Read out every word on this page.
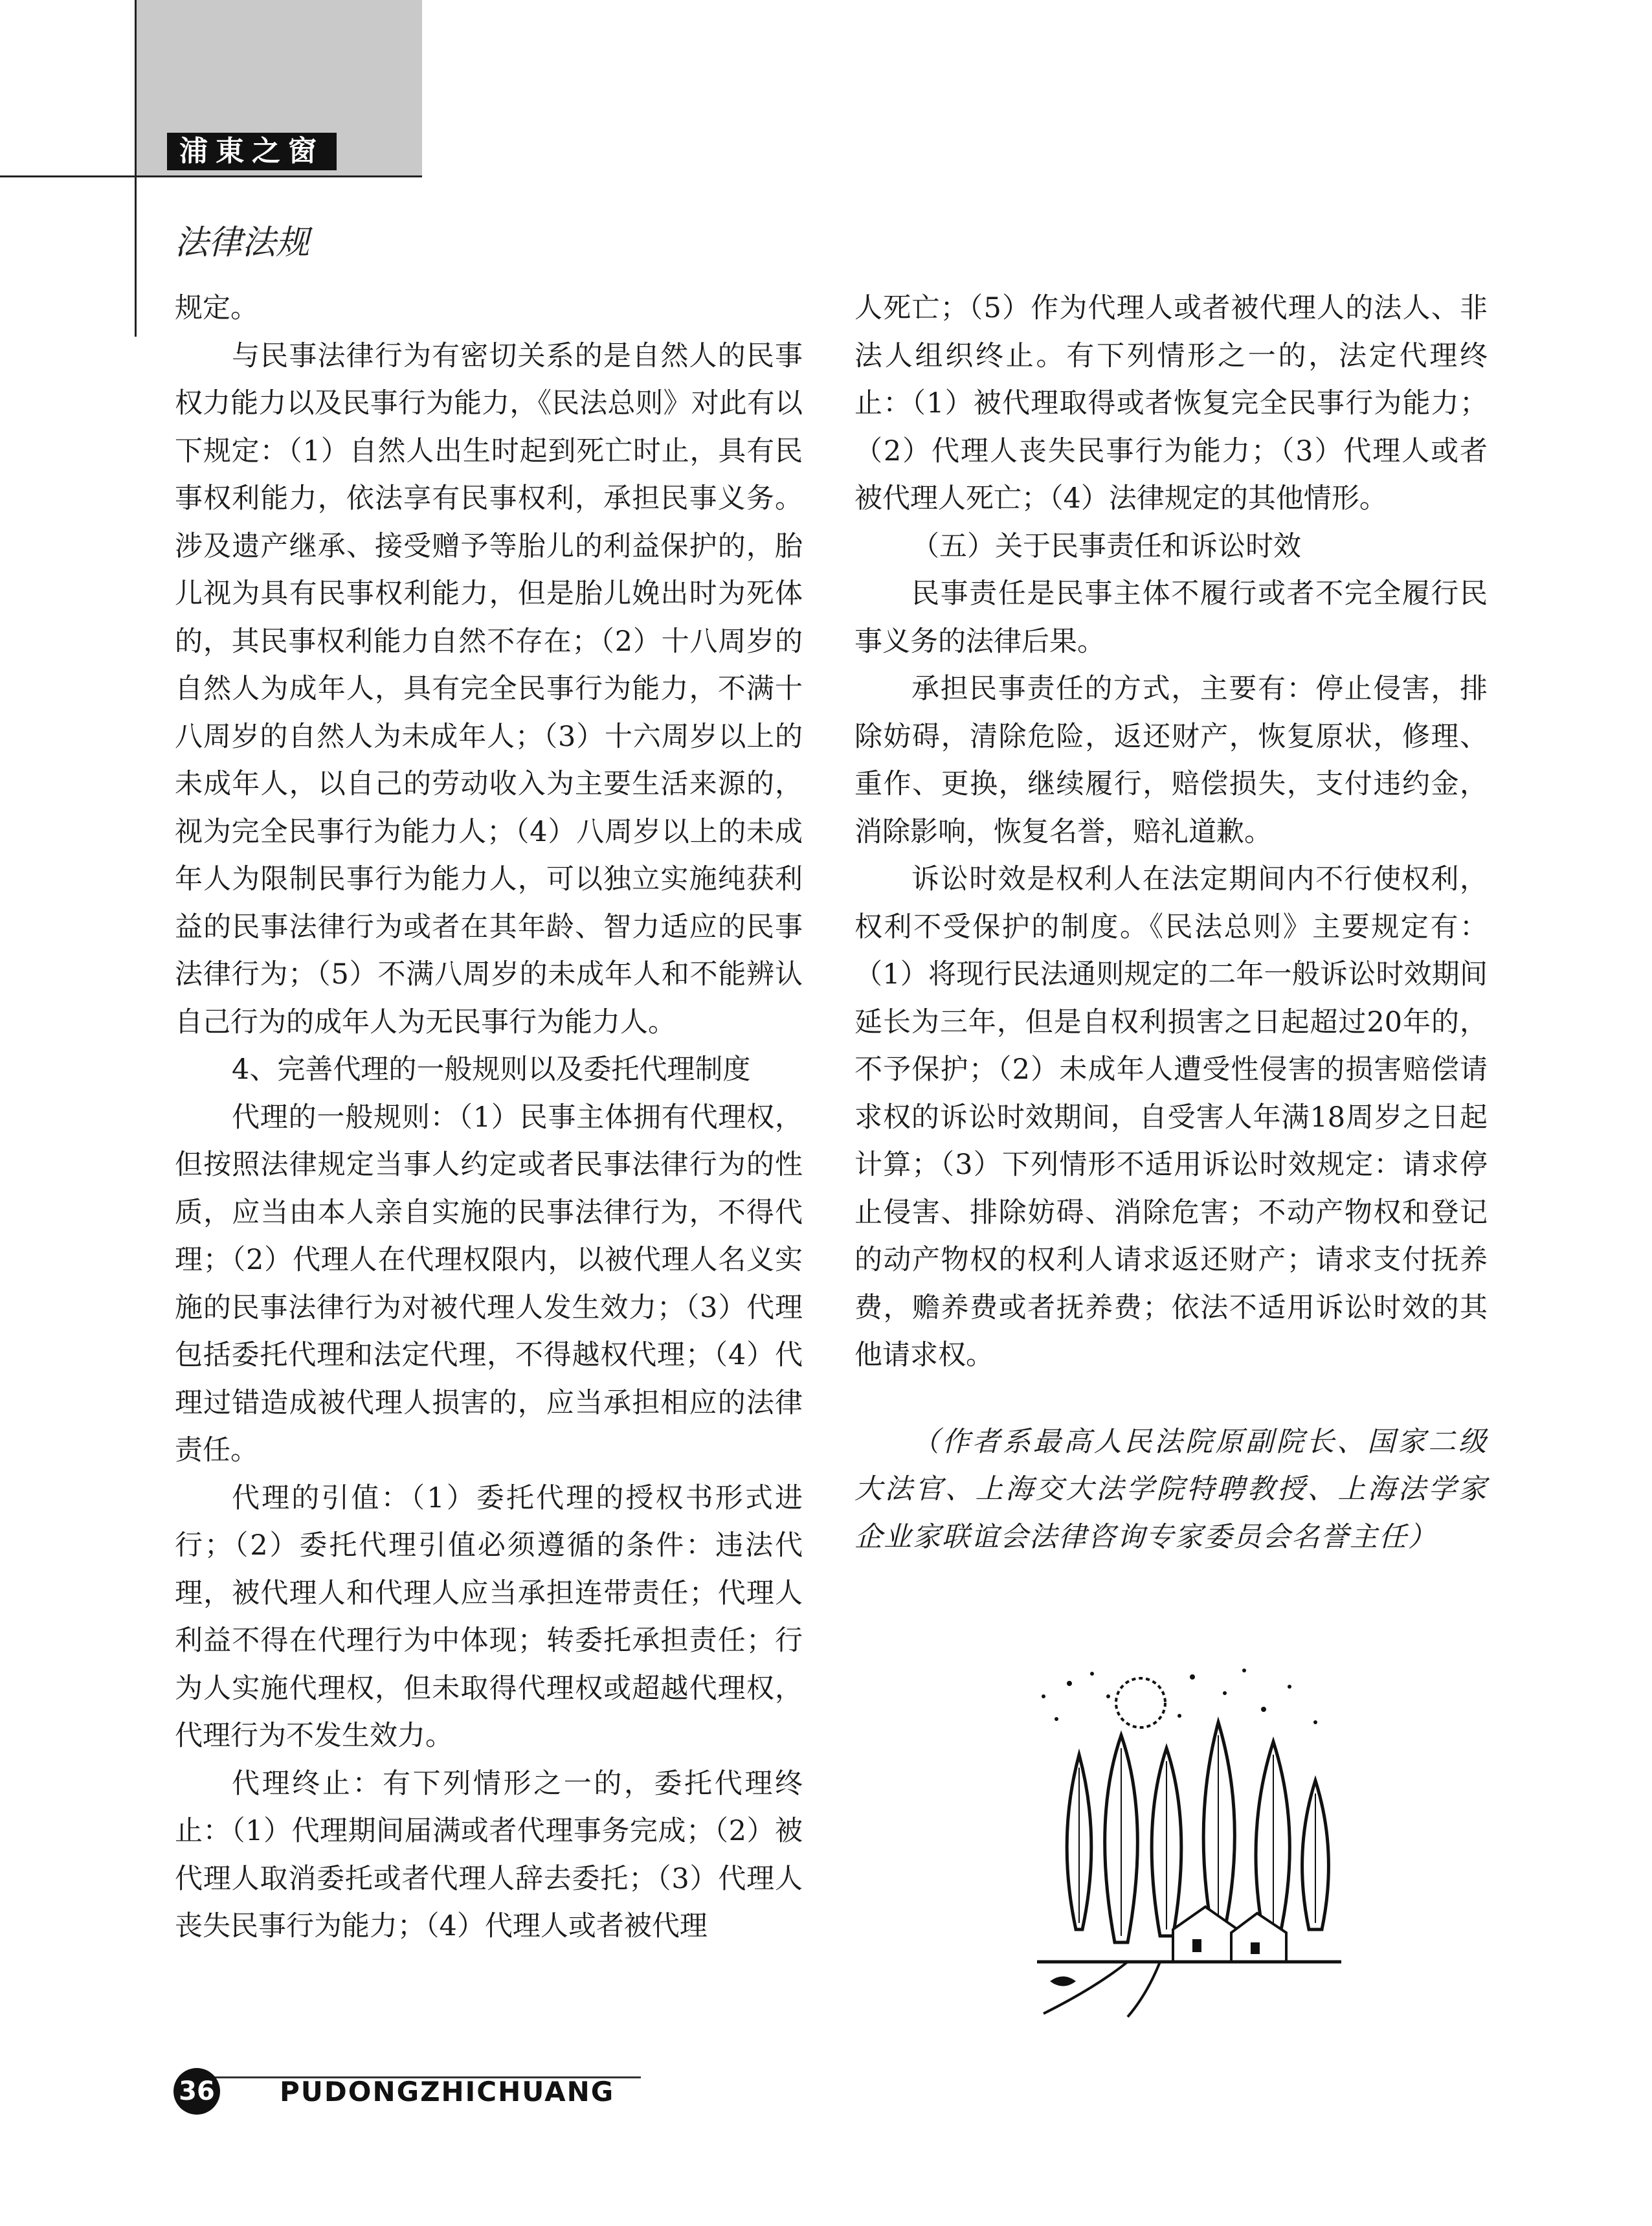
浦東之窗
法律法规

规定。

与民事法律行为有密切关系的是自然人的民事权力能力以及民事行为能力，《民法总则》对此有以下规定：（1）自然人出生时起到死亡时止，具有民事权利能力，依法享有民事权利，承担民事义务。涉及遗产继承、接受赠予等胎儿的利益保护的，胎儿视为具有民事权利能力，但是胎儿娩出时为死体的，其民事权利能力自然不存在；（2）十八周岁的自然人为成年人，具有完全民事行为能力，不满十八周岁的自然人为未成年人；（3）十六周岁以上的未成年人，以自己的劳动收入为主要生活来源的，视为完全民事行为能力人；（4）八周岁以上的未成年人为限制民事行为能力人，可以独立实施纯获利益的民事法律行为或者在其年龄、智力适应的民事法律行为；（5）不满八周岁的未成年人和不能辨认自己行为的成年人为无民事行为能力人。

4、完善代理的一般规则以及委托代理制度

代理的一般规则：（1）民事主体拥有代理权，但按照法律规定当事人约定或者民事法律行为的性质，应当由本人亲自实施的民事法律行为，不得代理；（2）代理人在代理权限内，以被代理人名义实施的民事法律行为对被代理人发生效力；（3）代理包括委托代理和法定代理，不得越权代理；（4）代理过错造成被代理人损害的，应当承担相应的法律责任。

代理的引值：（1）委托代理的授权书形式进行；（2）委托代理引值必须遵循的条件：违法代理，被代理人和代理人应当承担连带责任；代理人利益不得在代理行为中体现；转委托承担责任；行为人实施代理权，但未取得代理权或超越代理权，代理行为不发生效力。

代理终止：有下列情形之一的，委托代理终止：（1）代理期间届满或者代理事务完成；（2）被代理人取消委托或者代理人辞去委托；（3）代理人丧失民事行为能力；（4）代理人或者被代理

人死亡；（5）作为代理人或者被代理人的法人、非法人组织终止。有下列情形之一的，法定代理终止：（1）被代理取得或者恢复完全民事行为能力；（2）代理人丧失民事行为能力；（3）代理人或者被代理人死亡；（4）法律规定的其他情形。

（五）关于民事责任和诉讼时效

民事责任是民事主体不履行或者不完全履行民事义务的法律后果。

承担民事责任的方式，主要有：停止侵害，排除妨碍，清除危险，返还财产，恢复原状，修理、重作、更换，继续履行，赔偿损失，支付违约金，消除影响，恢复名誉，赔礼道歉。

诉讼时效是权利人在法定期间内不行使权利，权利不受保护的制度。《民法总则》主要规定有：（1）将现行民法通则规定的二年一般诉讼时效期间延长为三年，但是自权利损害之日起超过20年的，不予保护；（2）未成年人遭受性侵害的损害赔偿请求权的诉讼时效期间，自受害人年满18周岁之日起计算；（3）下列情形不适用诉讼时效规定：请求停止侵害、排除妨碍、消除危害；不动产物权和登记的动产物权的权利人请求返还财产；请求支付抚养费，赡养费或者抚养费；依法不适用诉讼时效的其他请求权。

（作者系最高人民法院原副院长、国家二级大法官、上海交大法学院特聘教授、上海法学家企业家联谊会法律咨询专家委员会名誉主任）

36 PUDONGZHICHUANG
